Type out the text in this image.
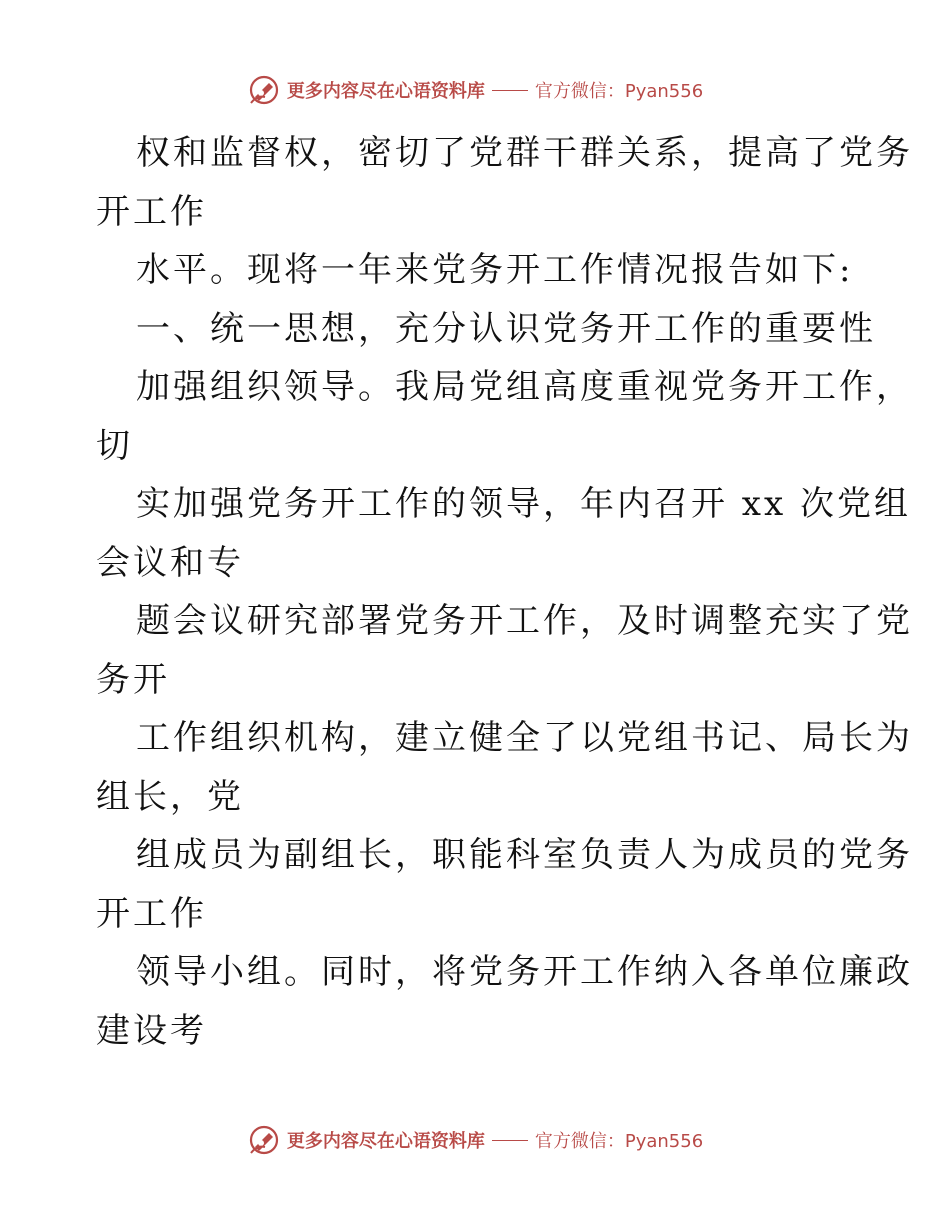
更多内容尽在心语资料库	官方微信：Pyan556
权和监督权，密切了党群干群关系，提高了党务
开工作
水平。现将一年来党务开工作情况报告如下:
一、统一思想，充分认识党务开工作的重要性
加强组织领导。我局党组高度重视党务开工作，
切
实加强党务开工作的领导，年内召开 xx 次党组
会议和专
题会议研究部署党务开工作，及时调整充实了党
务开
工作组织机构，建立健全了以党组书记、局长为
组长，党
组成员为副组长，职能科室负责人为成员的党务
开工作
领导小组。同时，将党务开工作纳入各单位廉政
建设考
更多内容尽在心语资料库	官方微信：Pyan556
